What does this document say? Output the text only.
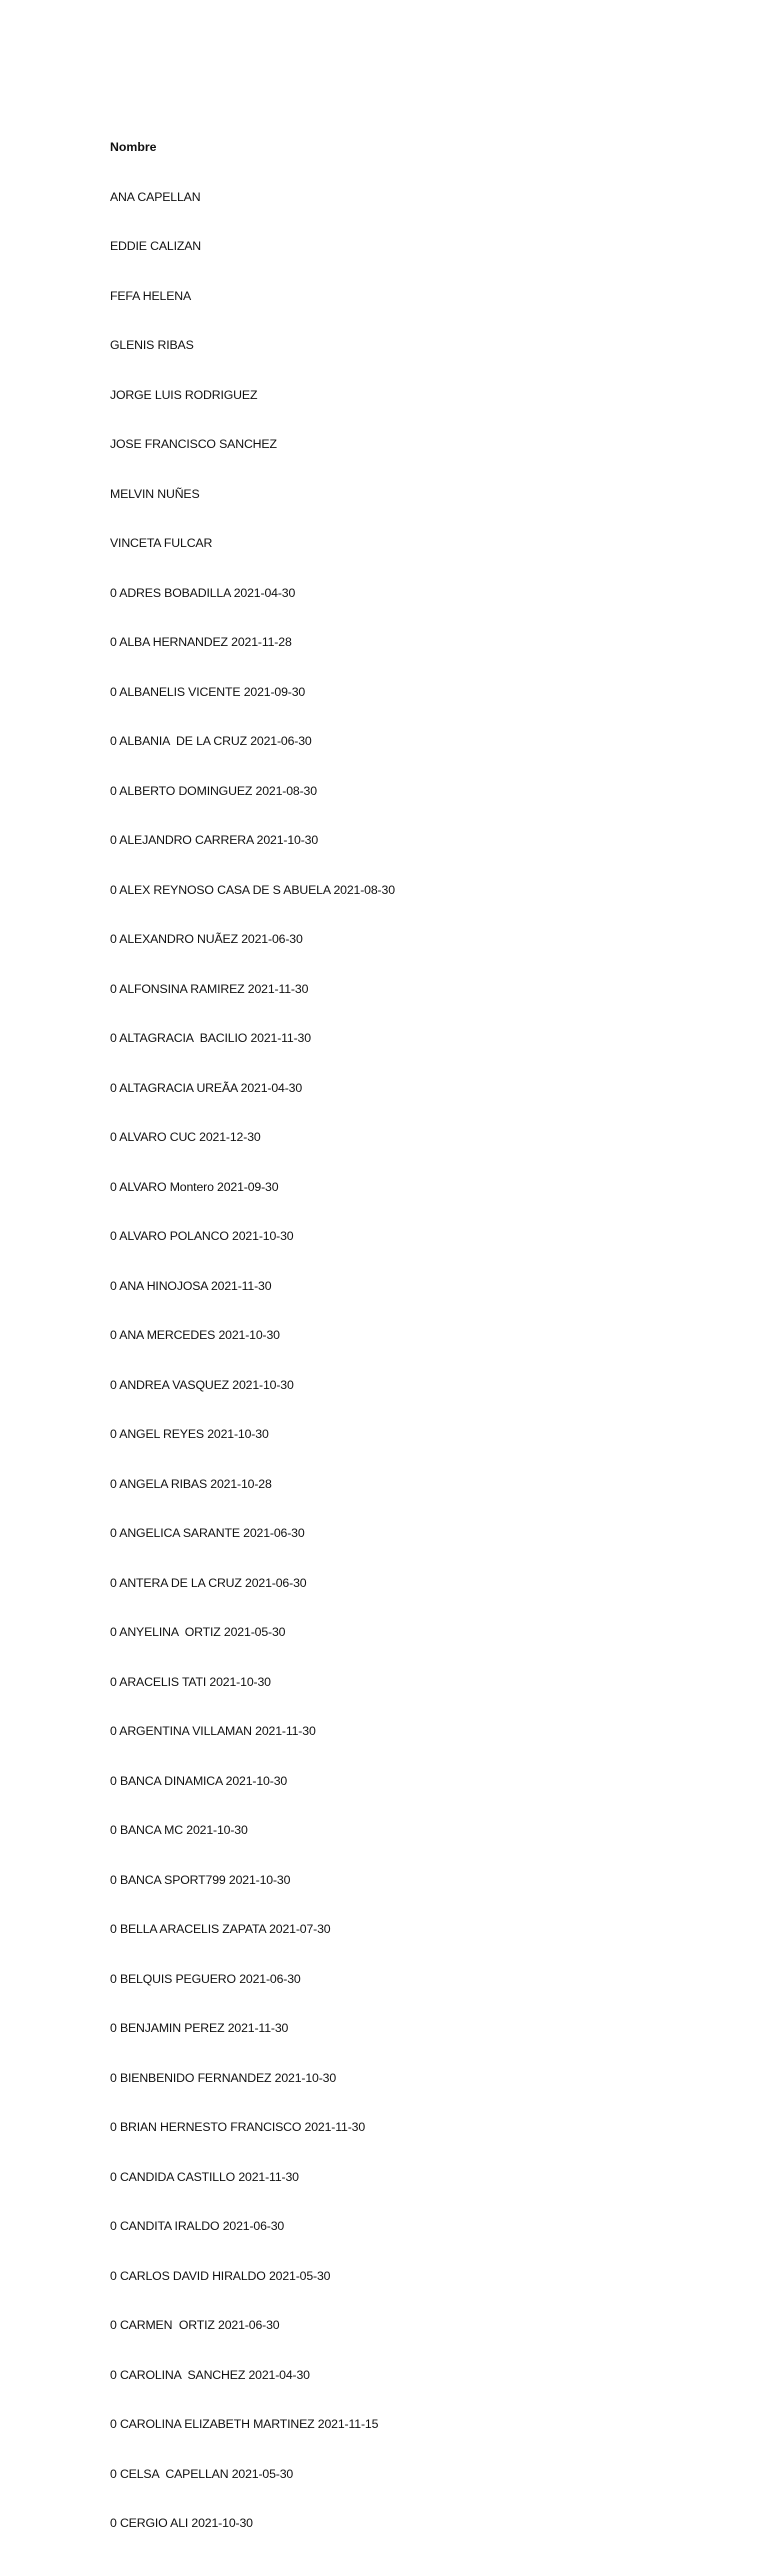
Nombre

ANA CAPELLAN

EDDIE CALIZAN

FEFA HELENA

GLENIS RIBAS

JORGE LUIS RODRIGUEZ

JOSE FRANCISCO SANCHEZ

MELVIN NUÑES

VINCETA FULCAR

0 ADRES BOBADILLA 2021-04-30

0 ALBA HERNANDEZ 2021-11-28

0 ALBANELIS VICENTE 2021-09-30

0 ALBANIA  DE LA CRUZ 2021-06-30

0 ALBERTO DOMINGUEZ 2021-08-30

0 ALEJANDRO CARRERA 2021-10-30

0 ALEX REYNOSO CASA DE S ABUELA 2021-08-30

0 ALEXANDRO NUÃEZ 2021-06-30

0 ALFONSINA RAMIREZ 2021-11-30

0 ALTAGRACIA  BACILIO 2021-11-30

0 ALTAGRACIA UREÃA 2021-04-30

0 ALVARO CUC 2021-12-30

0 ALVARO Montero 2021-09-30

0 ALVARO POLANCO 2021-10-30

0 ANA HINOJOSA 2021-11-30

0 ANA MERCEDES 2021-10-30

0 ANDREA VASQUEZ 2021-10-30

0 ANGEL REYES 2021-10-30

0 ANGELA RIBAS 2021-10-28

0 ANGELICA SARANTE 2021-06-30

0 ANTERA DE LA CRUZ 2021-06-30

0 ANYELINA  ORTIZ 2021-05-30

0 ARACELIS TATI 2021-10-30

0 ARGENTINA VILLAMAN 2021-11-30

0 BANCA DINAMICA 2021-10-30

0 BANCA MC 2021-10-30

0 BANCA SPORT799 2021-10-30

0 BELLA ARACELIS ZAPATA 2021-07-30

0 BELQUIS PEGUERO 2021-06-30

0 BENJAMIN PEREZ 2021-11-30

0 BIENBENIDO FERNANDEZ 2021-10-30

0 BRIAN HERNESTO FRANCISCO 2021-11-30

0 CANDIDA CASTILLO 2021-11-30

0 CANDITA IRALDO 2021-06-30

0 CARLOS DAVID HIRALDO 2021-05-30

0 CARMEN  ORTIZ 2021-06-30

0 CAROLINA  SANCHEZ 2021-04-30

0 CAROLINA ELIZABETH MARTINEZ 2021-11-15

0 CELSA  CAPELLAN 2021-05-30

0 CERGIO ALI 2021-10-30
